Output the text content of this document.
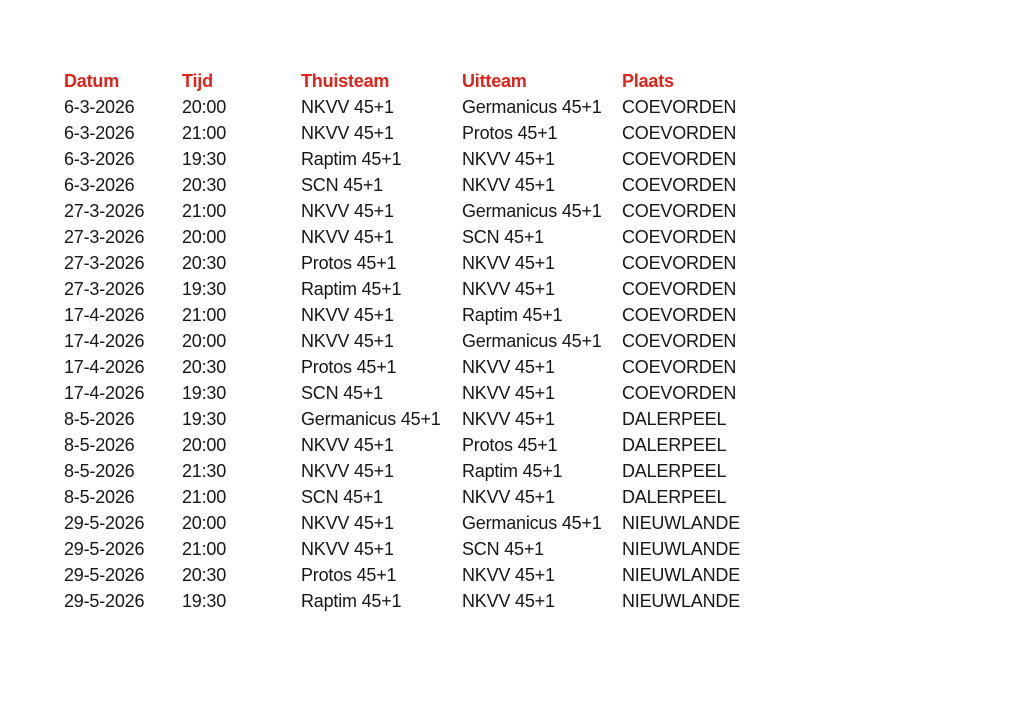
Datum	Tijd	Thuisteam	Uitteam	Plaats
6-3-2026	20:00	NKVV 45+1	Germanicus 45+1	COEVORDEN
6-3-2026	21:00	NKVV 45+1	Protos 45+1	COEVORDEN
6-3-2026	19:30	Raptim 45+1	NKVV 45+1	COEVORDEN
6-3-2026	20:30	SCN 45+1	NKVV 45+1	COEVORDEN
27-3-2026	21:00	NKVV 45+1	Germanicus 45+1	COEVORDEN
27-3-2026	20:00	NKVV 45+1	SCN 45+1	COEVORDEN
27-3-2026	20:30	Protos 45+1	NKVV 45+1	COEVORDEN
27-3-2026	19:30	Raptim 45+1	NKVV 45+1	COEVORDEN
17-4-2026	21:00	NKVV 45+1	Raptim 45+1	COEVORDEN
17-4-2026	20:00	NKVV 45+1	Germanicus 45+1	COEVORDEN
17-4-2026	20:30	Protos 45+1	NKVV 45+1	COEVORDEN
17-4-2026	19:30	SCN 45+1	NKVV 45+1	COEVORDEN
8-5-2026	19:30	Germanicus 45+1	NKVV 45+1	DALERPEEL
8-5-2026	20:00	NKVV 45+1	Protos 45+1	DALERPEEL
8-5-2026	21:30	NKVV 45+1	Raptim 45+1	DALERPEEL
8-5-2026	21:00	SCN 45+1	NKVV 45+1	DALERPEEL
29-5-2026	20:00	NKVV 45+1	Germanicus 45+1	NIEUWLANDE
29-5-2026	21:00	NKVV 45+1	SCN 45+1	NIEUWLANDE
29-5-2026	20:30	Protos 45+1	NKVV 45+1	NIEUWLANDE
29-5-2026	19:30	Raptim 45+1	NKVV 45+1	NIEUWLANDE
